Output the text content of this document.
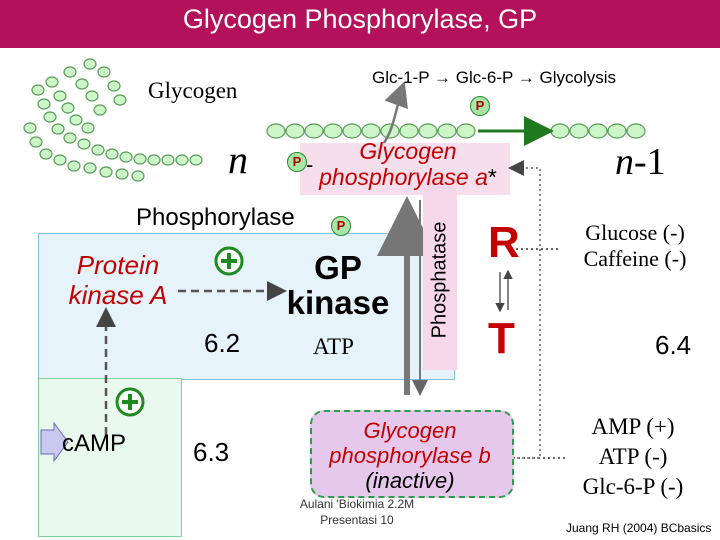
Glycogen Phosphorylase, GP
Glycogen
Glc-1-P → Glc-6-P → Glycolysis
P
P
P
n	n-1
Glycogen
phosphorylase a*
-
Phosphorylase
Protein
kinase A
GP
kinase
ATP
6.2
6.3
6.4
Phosphatase R
T
cAMP
Glucose (-)
Caffeine (-)
AMP (+)
ATP (-)
Glc-6-P (-)
Glycogen
phosphorylase b
(inactive)
Aulani 'Biokimia 2.2M
Presentasi 10
Juang RH (2004) BCbasics
